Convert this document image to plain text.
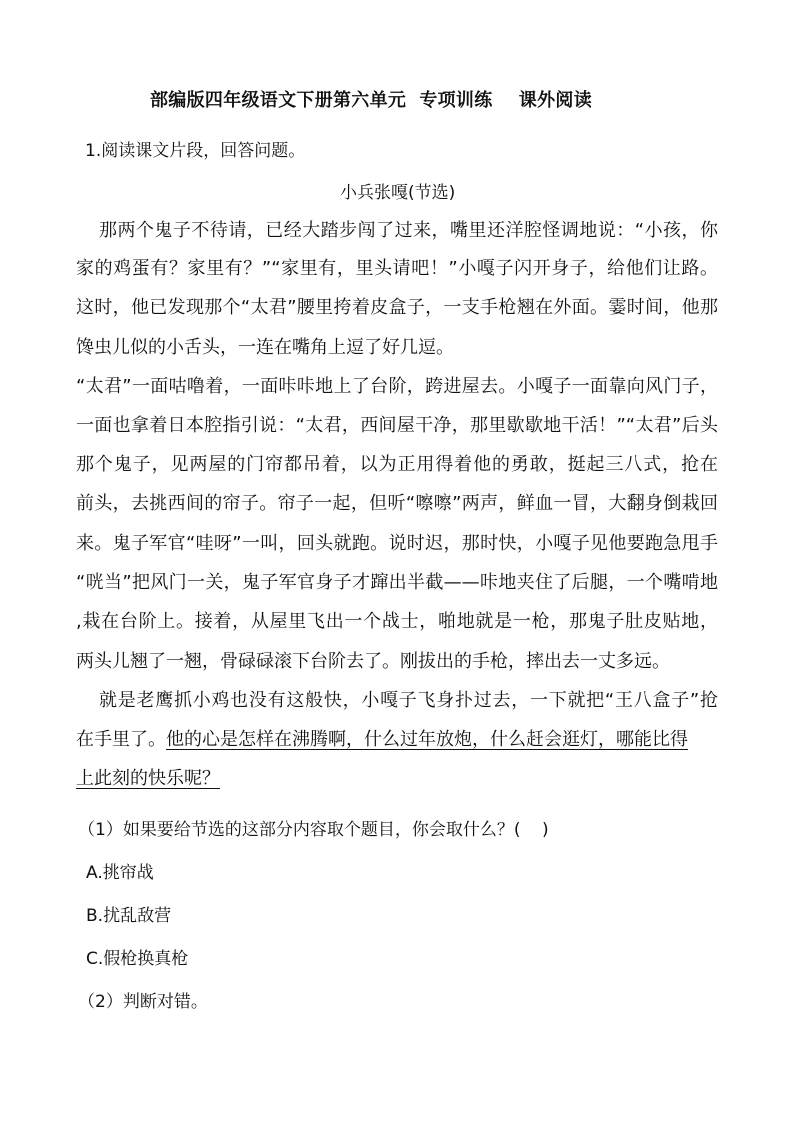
部编版四年级语文下册第六单元  专项训练    课外阅读
1.阅读课文片段，回答问题。
小兵张嘎(节选)
那两个鬼子不待请，已经大踏步闯了过来，嘴里还洋腔怪调地说：“小孩，你
家的鸡蛋有？家里有？”“家里有，里头请吧！”小嘎子闪开身子，给他们让路。
这时，他已发现那个“太君”腰里挎着皮盒子，一支手枪翘在外面。霎时间，他那
馋虫儿似的小舌头，一连在嘴角上逗了好几逗。
“太君”一面咕噜着，一面咔咔地上了台阶，跨进屋去。小嘎子一面靠向风门子，
一面也拿着日本腔指引说：“太君，西间屋干净，那里歇歇地干活！”“太君”后头
那个鬼子，见两屋的门帘都吊着，以为正用得着他的勇敢，挺起三八式，抢在
前头，去挑西间的帘子。帘子一起，但听“嚓嚓”两声，鲜血一冒，大翻身倒栽回
来。鬼子军官“哇呀”一叫，回头就跑。说时迟，那时快，小嘎子见他要跑急甩手
“咣当”把风门一关，鬼子军官身子才蹿出半截——咔地夹住了后腿，一个嘴啃地
,栽在台阶上。接着，从屋里飞出一个战士，啪地就是一枪，那鬼子肚皮贴地，
两头儿翘了一翘，骨碌碌滚下台阶去了。刚拔出的手枪，摔出去一丈多远。
就是老鹰抓小鸡也没有这般快，小嘎子飞身扑过去，一下就把“王八盒子”抢
在手里了。他的心是怎样在沸腾啊，什么过年放炮，什么赶会逛灯，哪能比得
上此刻的快乐呢？
（1）如果要给节选的这部分内容取个题目，你会取什么？(    )
A.挑帘战
B.扰乱敌营
C.假枪换真枪
（2）判断对错。
